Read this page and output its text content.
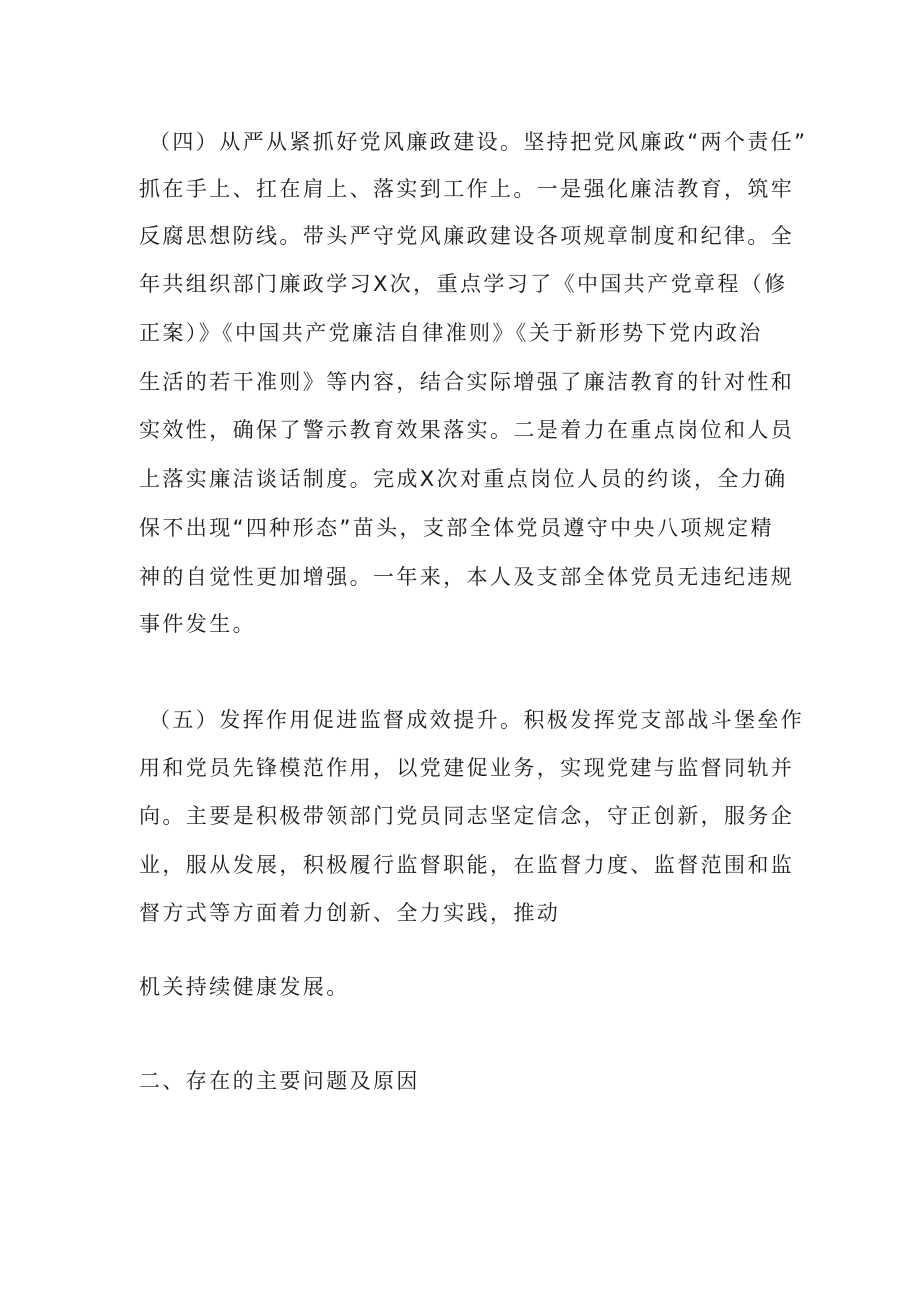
（四）从严从紧抓好党风廉政建设。坚持把党风廉政“两个责任”
抓在手上、扛在肩上、落实到工作上。一是强化廉洁教育，筑牢
反腐思想防线。带头严守党风廉政建设各项规章制度和纪律。全
年共组织部门廉政学习X次，重点学习了《中国共产党章程（修
正案）》《中国共产党廉洁自律准则》《关于新形势下党内政治
生活的若干准则》等内容，结合实际增强了廉洁教育的针对性和
实效性，确保了警示教育效果落实。二是着力在重点岗位和人员
上落实廉洁谈话制度。完成X次对重点岗位人员的约谈，全力确
保不出现“四种形态”苗头，支部全体党员遵守中央八项规定精
神的自觉性更加增强。一年来，本人及支部全体党员无违纪违规
事件发生。
（五）发挥作用促进监督成效提升。积极发挥党支部战斗堡垒作
用和党员先锋模范作用，以党建促业务，实现党建与监督同轨并
向。主要是积极带领部门党员同志坚定信念，守正创新，服务企
业，服从发展，积极履行监督职能，在监督力度、监督范围和监
督方式等方面着力创新、全力实践，推动
机关持续健康发展。
二、存在的主要问题及原因
